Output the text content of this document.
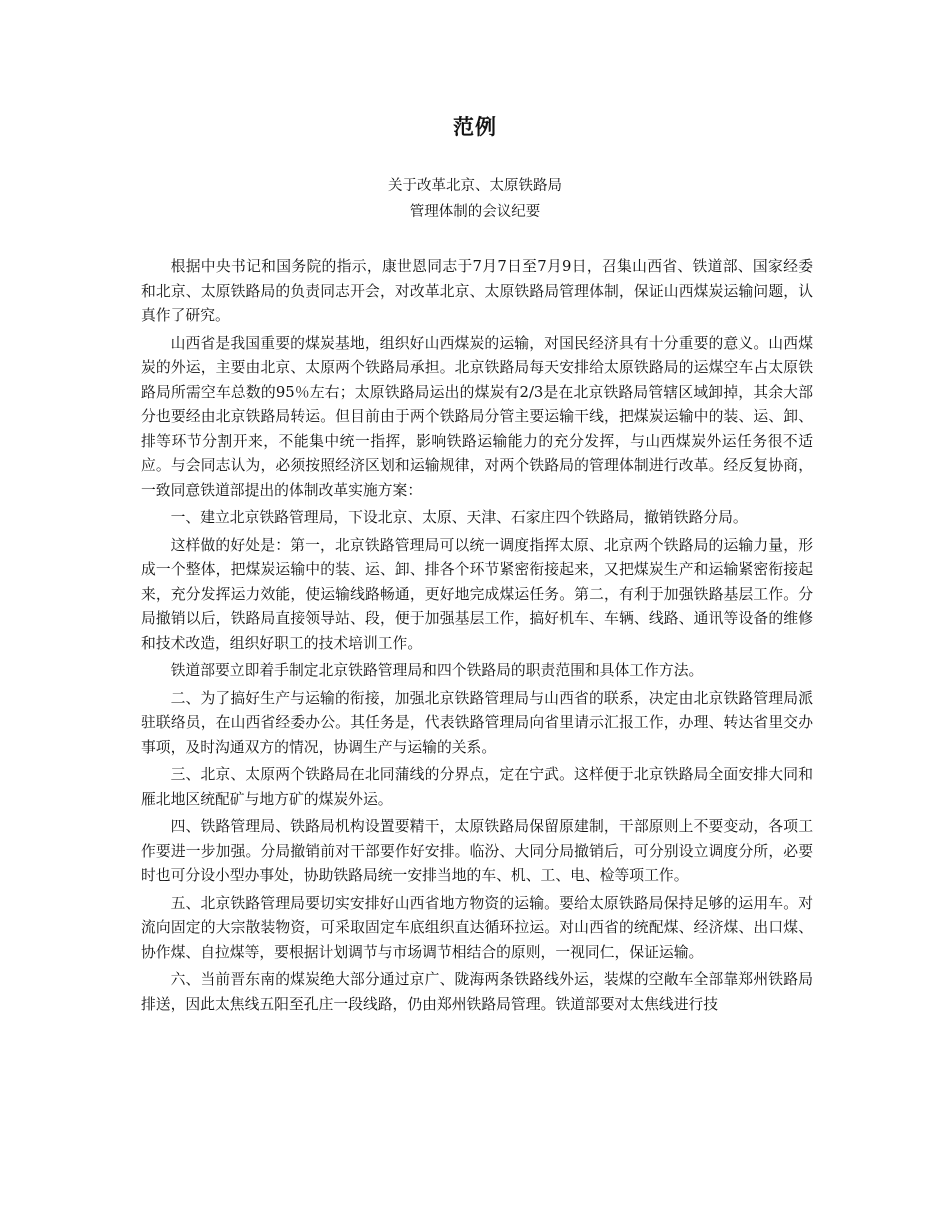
范例
关于改革北京、太原铁路局
管理体制的会议纪要

根据中央书记和国务院的指示，康世恩同志于7月7日至7月9日，召集山西省、铁道部、国家经委和北京、太原铁路局的负责同志开会，对改革北京、太原铁路局管理体制，保证山西煤炭运输问题，认真作了研究。

山西省是我国重要的煤炭基地，组织好山西煤炭的运输，对国民经济具有十分重要的意义。山西煤炭的外运，主要由北京、太原两个铁路局承担。北京铁路局每天安排给太原铁路局的运煤空车占太原铁路局所需空车总数的95％左右；太原铁路局运出的煤炭有2/3是在北京铁路局管辖区域卸掉，其余大部分也要经由北京铁路局转运。但目前由于两个铁路局分管主要运输干线，把煤炭运输中的装、运、卸、排等环节分割开来，不能集中统一指挥，影响铁路运输能力的充分发挥，与山西煤炭外运任务很不适应。与会同志认为，必须按照经济区划和运输规律，对两个铁路局的管理体制进行改革。经反复协商，一致同意铁道部提出的体制改革实施方案：

一、建立北京铁路管理局，下设北京、太原、天津、石家庄四个铁路局，撤销铁路分局。

这样做的好处是：第一，北京铁路管理局可以统一调度指挥太原、北京两个铁路局的运输力量，形成一个整体，把煤炭运输中的装、运、卸、排各个环节紧密衔接起来，又把煤炭生产和运输紧密衔接起来，充分发挥运力效能，使运输线路畅通，更好地完成煤运任务。第二，有利于加强铁路基层工作。分局撤销以后，铁路局直接领导站、段，便于加强基层工作，搞好机车、车辆、线路、通讯等设备的维修和技术改造，组织好职工的技术培训工作。

铁道部要立即着手制定北京铁路管理局和四个铁路局的职责范围和具体工作方法。

二、为了搞好生产与运输的衔接，加强北京铁路管理局与山西省的联系，决定由北京铁路管理局派驻联络员，在山西省经委办公。其任务是，代表铁路管理局向省里请示汇报工作，办理、转达省里交办事项，及时沟通双方的情况，协调生产与运输的关系。

三、北京、太原两个铁路局在北同蒲线的分界点，定在宁武。这样便于北京铁路局全面安排大同和雁北地区统配矿与地方矿的煤炭外运。

四、铁路管理局、铁路局机构设置要精干，太原铁路局保留原建制，干部原则上不要变动，各项工作要进一步加强。分局撤销前对干部要作好安排。临汾、大同分局撤销后，可分别设立调度分所，必要时也可分设小型办事处，协助铁路局统一安排当地的车、机、工、电、检等项工作。

五、北京铁路管理局要切实安排好山西省地方物资的运输。要给太原铁路局保持足够的运用车。对流向固定的大宗散装物资，可采取固定车底组织直达循环拉运。对山西省的统配煤、经济煤、出口煤、协作煤、自拉煤等，要根据计划调节与市场调节相结合的原则，一视同仁，保证运输。

六、当前晋东南的煤炭绝大部分通过京广、陇海两条铁路线外运，装煤的空敞车全部靠郑州铁路局排送，因此太焦线五阳至孔庄一段线路，仍由郑州铁路局管理。铁道部要对太焦线进行技
